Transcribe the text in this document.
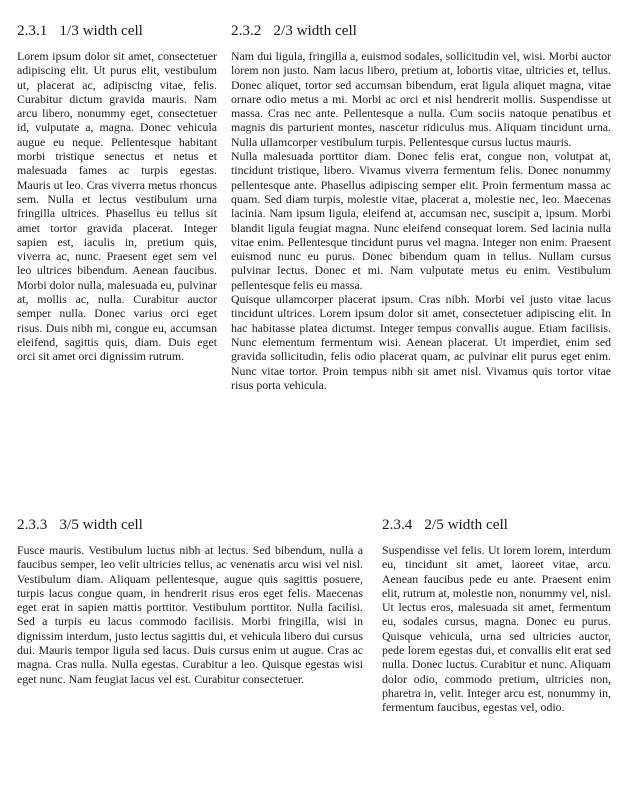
2.3.1 1/3 width cell

Lorem ipsum dolor sit amet, consectetuer adipiscing elit. Ut purus elit, vestibulum ut, placerat ac, adipiscing vitae, felis. Curabitur dictum gravida mauris. Nam arcu libero, nonummy eget, consectetuer id, vulputate a, magna. Donec vehicula augue eu neque. Pellentesque habitant morbi tristique senectus et netus et malesuada fames ac turpis egestas. Mauris ut leo. Cras viverra metus rhoncus sem. Nulla et lectus vestibulum urna fringilla ultrices. Phasellus eu tellus sit amet tortor gravida placerat. Integer sapien est, iaculis in, pretium quis, viverra ac, nunc. Praesent eget sem vel leo ultrices bibendum. Aenean faucibus. Morbi dolor nulla, malesuada eu, pulvinar at, mollis ac, nulla. Curabitur auctor semper nulla. Donec varius orci eget risus. Duis nibh mi, congue eu, accumsan eleifend, sagittis quis, diam. Duis eget orci sit amet orci dignissim rutrum.

2.3.2 2/3 width cell

Nam dui ligula, fringilla a, euismod sodales, sollicitudin vel, wisi. Morbi auctor lorem non justo. Nam lacus libero, pretium at, lobortis vitae, ultricies et, tellus. Donec aliquet, tortor sed accumsan bibendum, erat ligula aliquet magna, vitae ornare odio metus a mi. Morbi ac orci et nisl hendrerit mollis. Suspendisse ut massa. Cras nec ante. Pellentesque a nulla. Cum sociis natoque penatibus et magnis dis parturient montes, nascetur ridiculus mus. Aliquam tincidunt urna. Nulla ullamcorper vestibulum turpis. Pellentesque cursus luctus mauris.

Nulla malesuada porttitor diam. Donec felis erat, congue non, volutpat at, tincidunt tristique, libero. Vivamus viverra fermentum felis. Donec nonummy pellentesque ante. Phasellus adipiscing semper elit. Proin fermentum massa ac quam. Sed diam turpis, molestie vitae, placerat a, molestie nec, leo. Maecenas lacinia. Nam ipsum ligula, eleifend at, accumsan nec, suscipit a, ipsum. Morbi blandit ligula feugiat magna. Nunc eleifend consequat lorem. Sed lacinia nulla vitae enim. Pellentesque tincidunt purus vel magna. Integer non enim. Praesent euismod nunc eu purus. Donec bibendum quam in tellus. Nullam cursus pulvinar lectus. Donec et mi. Nam vulputate metus eu enim. Vestibulum pellentesque felis eu massa.

Quisque ullamcorper placerat ipsum. Cras nibh. Morbi vel justo vitae lacus tincidunt ultrices. Lorem ipsum dolor sit amet, consectetuer adipiscing elit. In hac habitasse platea dictumst. Integer tempus convallis augue. Etiam facilisis. Nunc elementum fermentum wisi. Aenean placerat. Ut imperdiet, enim sed gravida sollicitudin, felis odio placerat quam, ac pulvinar elit purus eget enim. Nunc vitae tortor. Proin tempus nibh sit amet nisl. Vivamus quis tortor vitae risus porta vehicula.

2.3.3 3/5 width cell

Fusce mauris. Vestibulum luctus nibh at lectus. Sed bibendum, nulla a faucibus semper, leo velit ultricies tellus, ac venenatis arcu wisi vel nisl. Vestibulum diam. Aliquam pellentesque, augue quis sagittis posuere, turpis lacus congue quam, in hendrerit risus eros eget felis. Maecenas eget erat in sapien mattis porttitor. Vestibulum porttitor. Nulla facilisi. Sed a turpis eu lacus commodo facilisis. Morbi fringilla, wisi in dignissim interdum, justo lectus sagittis dui, et vehicula libero dui cursus dui. Mauris tempor ligula sed lacus. Duis cursus enim ut augue. Cras ac magna. Cras nulla. Nulla egestas. Curabitur a leo. Quisque egestas wisi eget nunc. Nam feugiat lacus vel est. Curabitur consectetuer.

2.3.4 2/5 width cell

Suspendisse vel felis. Ut lorem lorem, interdum eu, tincidunt sit amet, laoreet vitae, arcu. Aenean faucibus pede eu ante. Praesent enim elit, rutrum at, molestie non, nonummy vel, nisl. Ut lectus eros, malesuada sit amet, fermentum eu, sodales cursus, magna. Donec eu purus. Quisque vehicula, urna sed ultricies auctor, pede lorem egestas dui, et convallis elit erat sed nulla. Donec luctus. Curabitur et nunc. Aliquam dolor odio, commodo pretium, ultricies non, pharetra in, velit. Integer arcu est, nonummy in, fermentum faucibus, egestas vel, odio.
